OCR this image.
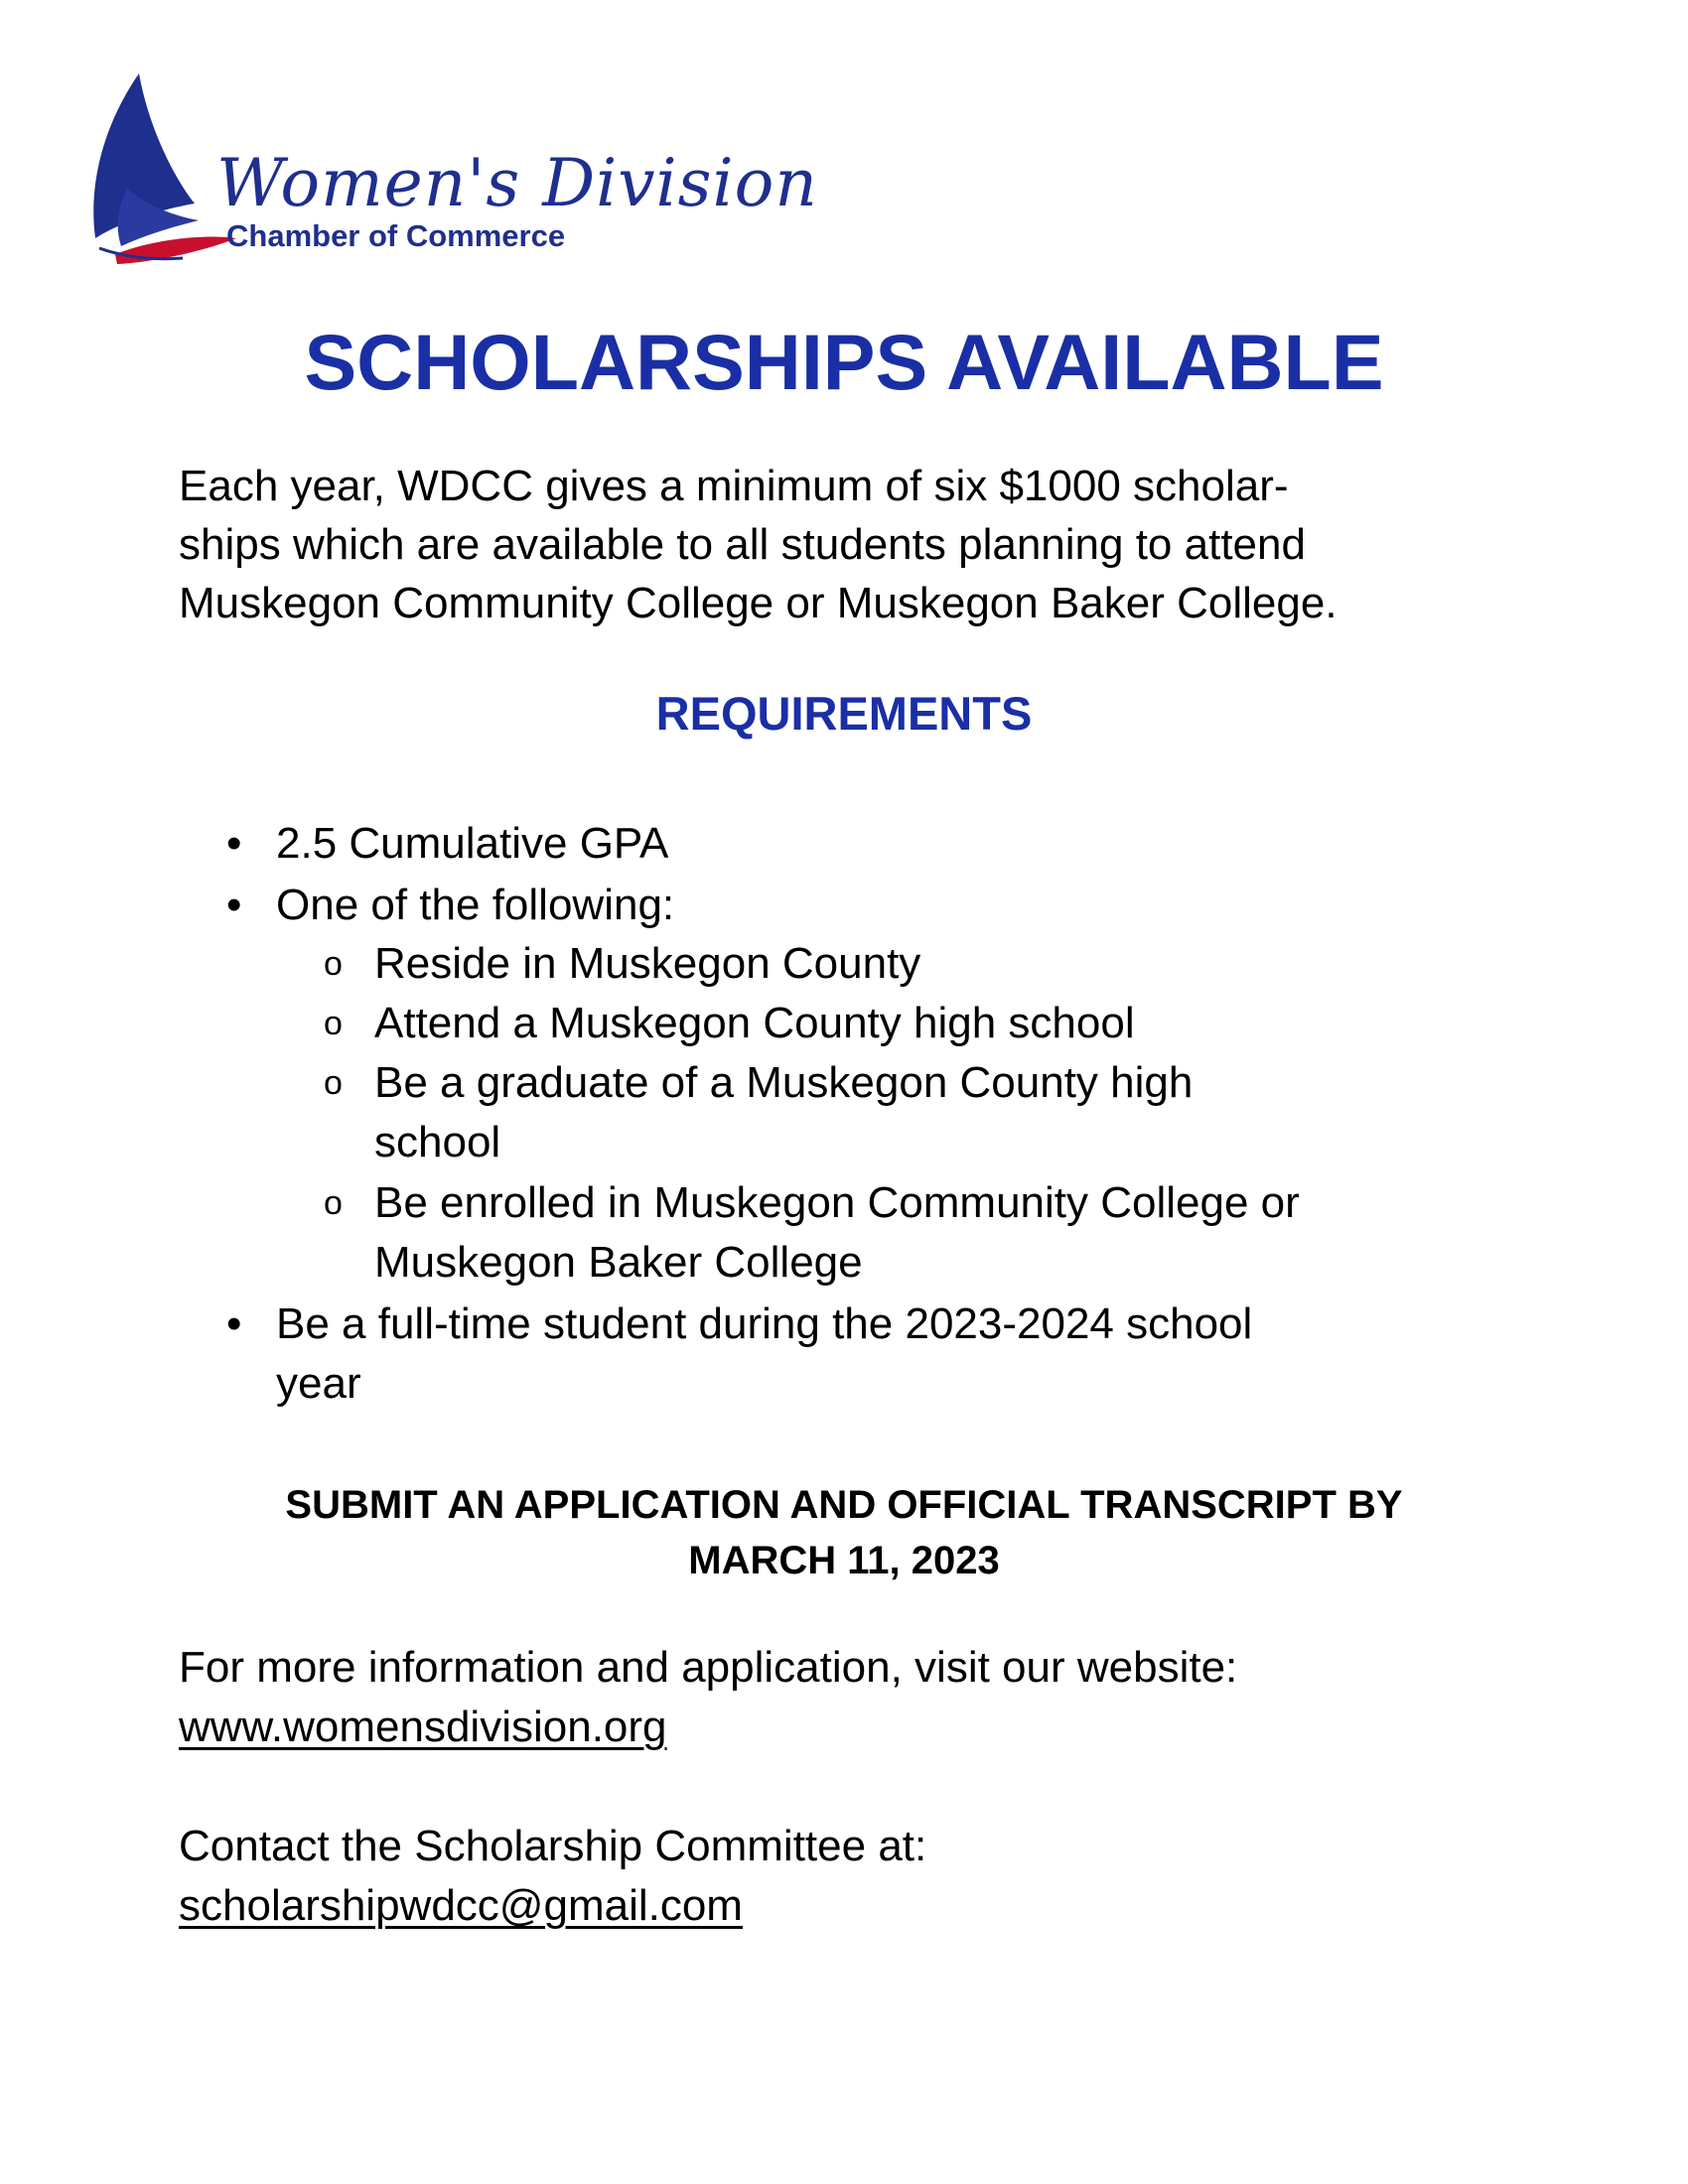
Women's Division
Chamber of Commerce
SCHOLARSHIPS AVAILABLE
Each year, WDCC gives a minimum of six $1000 scholar-
ships which are available to all students planning to attend
Muskegon Community College or Muskegon Baker College.
REQUIREMENTS
• 2.5 Cumulative GPA
• One of the following:
o Reside in Muskegon County
o Attend a Muskegon County high school
o Be a graduate of a Muskegon County high
school
o Be enrolled in Muskegon Community College or
Muskegon Baker College
• Be a full-time student during the 2023-2024 school
year
SUBMIT AN APPLICATION AND OFFICIAL TRANSCRIPT BY
MARCH 11, 2023
For more information and application, visit our website:
www.womensdivision.org
Contact the Scholarship Committee at:
scholarshipwdcc@gmail.com
